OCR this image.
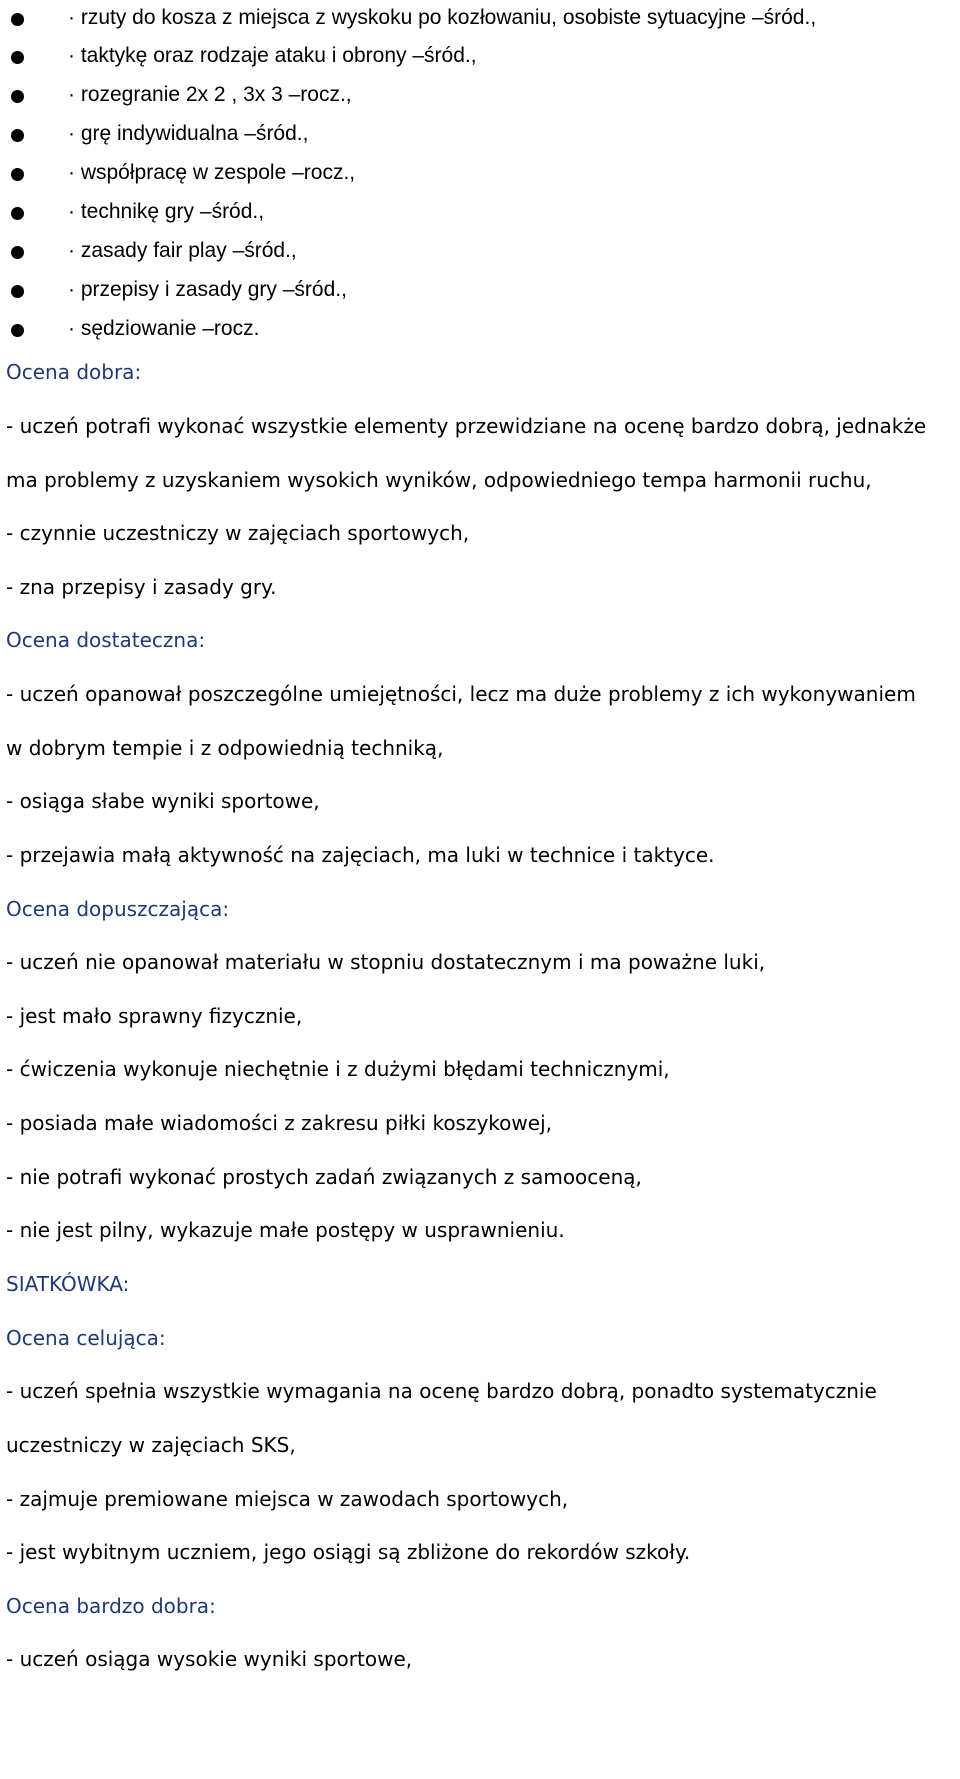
· rzuty do kosza z miejsca z wyskoku po kozłowaniu, osobiste sytuacyjne –śród.,
· taktykę oraz rodzaje ataku i obrony –śród.,
· rozegranie 2x 2 , 3x 3 –rocz.,
· grę indywidualna –śród.,
· współpracę w zespole –rocz.,
· technikę gry –śród.,
· zasady fair play –śród.,
· przepisy i zasady gry –śród.,
· sędziowanie –rocz.
Ocena dobra:
- uczeń potrafi wykonać wszystkie elementy przewidziane na ocenę bardzo dobrą, jednakże
ma problemy z uzyskaniem wysokich wyników, odpowiedniego tempa harmonii ruchu,
- czynnie uczestniczy w zajęciach sportowych,
- zna przepisy i zasady gry.
Ocena dostateczna:
- uczeń opanował poszczególne umiejętności, lecz ma duże problemy z ich wykonywaniem
w dobrym tempie i z odpowiednią techniką,
- osiąga słabe wyniki sportowe,
- przejawia małą aktywność na zajęciach, ma luki w technice i taktyce.
Ocena dopuszczająca:
- uczeń nie opanował materiału w stopniu dostatecznym i ma poważne luki,
- jest mało sprawny fizycznie,
- ćwiczenia wykonuje niechętnie i z dużymi błędami technicznymi,
- posiada małe wiadomości z zakresu piłki koszykowej,
- nie potrafi wykonać prostych zadań związanych z samooceną,
- nie jest pilny, wykazuje małe postępy w usprawnieniu.
SIATKÓWKA:
Ocena celująca:
- uczeń spełnia wszystkie wymagania na ocenę bardzo dobrą, ponadto systematycznie
uczestniczy w zajęciach SKS,
- zajmuje premiowane miejsca w zawodach sportowych,
- jest wybitnym uczniem, jego osiągi są zbliżone do rekordów szkoły.
Ocena bardzo dobra:
- uczeń osiąga wysokie wyniki sportowe,
